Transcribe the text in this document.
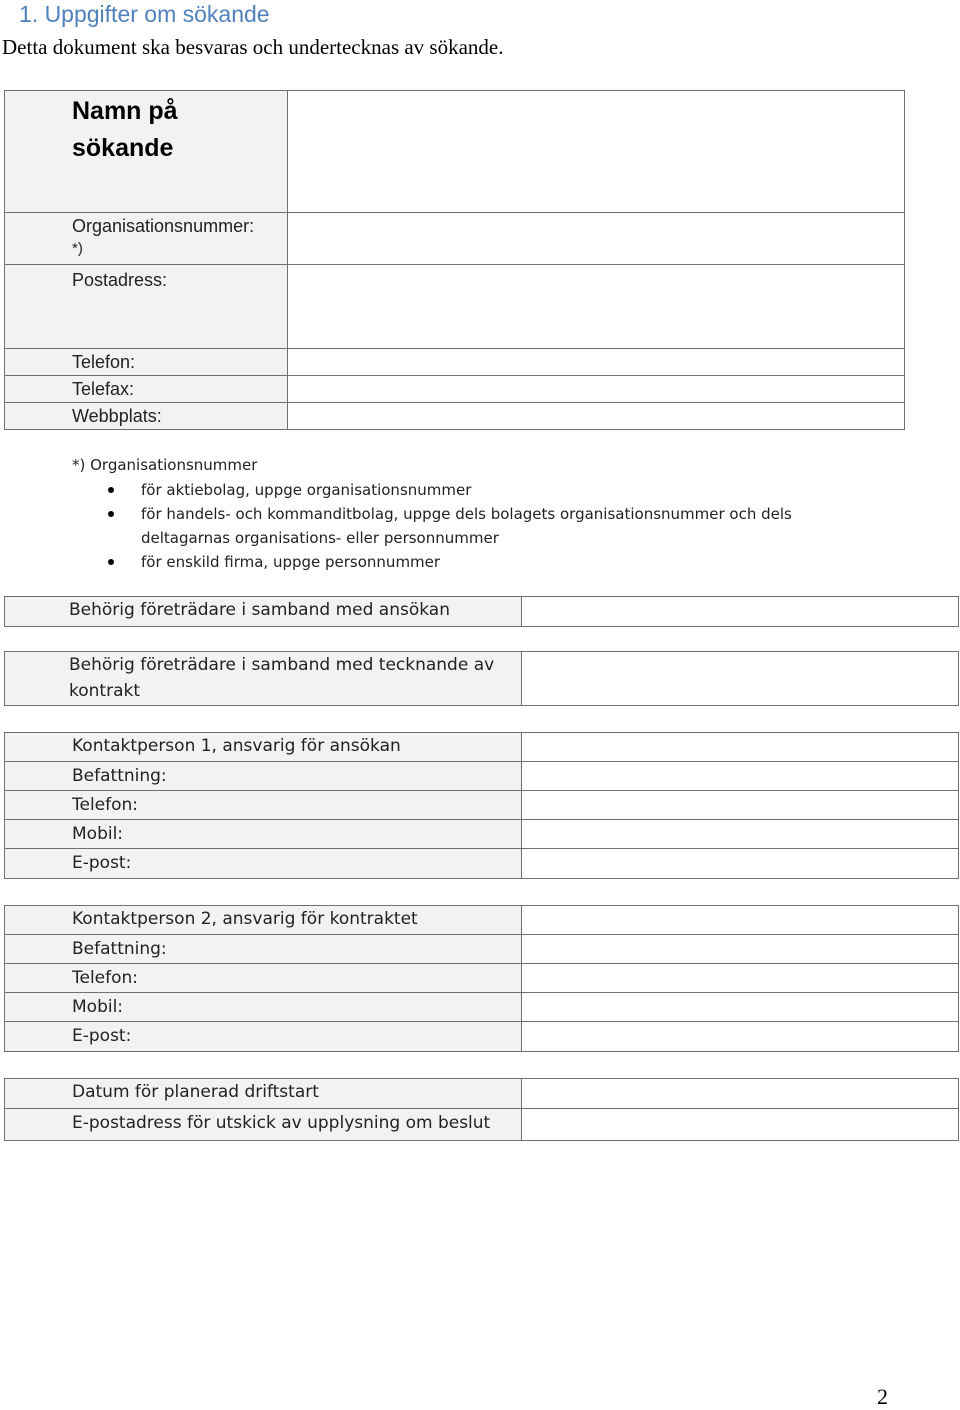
1. Uppgifter om sökande
Detta dokument ska besvaras och undertecknas av sökande.
Namn på
sökande
Organisationsnummer:
*)
Postadress:
Telefon:
Telefax:
Webbplats:
*) Organisationsnummer
för aktiebolag, uppge organisationsnummer
för handels- och kommanditbolag, uppge dels bolagets organisationsnummer och dels
deltagarnas organisations- eller personnummer
för enskild firma, uppge personnummer
Behörig företrädare i samband med ansökan
Behörig företrädare i samband med tecknande av
kontrakt
Kontaktperson 1, ansvarig för ansökan
Befattning:
Telefon:
Mobil:
E-post:
Kontaktperson 2, ansvarig för kontraktet
Befattning:
Telefon:
Mobil:
E-post:
Datum för planerad driftstart
E-postadress för utskick av upplysning om beslut
2
